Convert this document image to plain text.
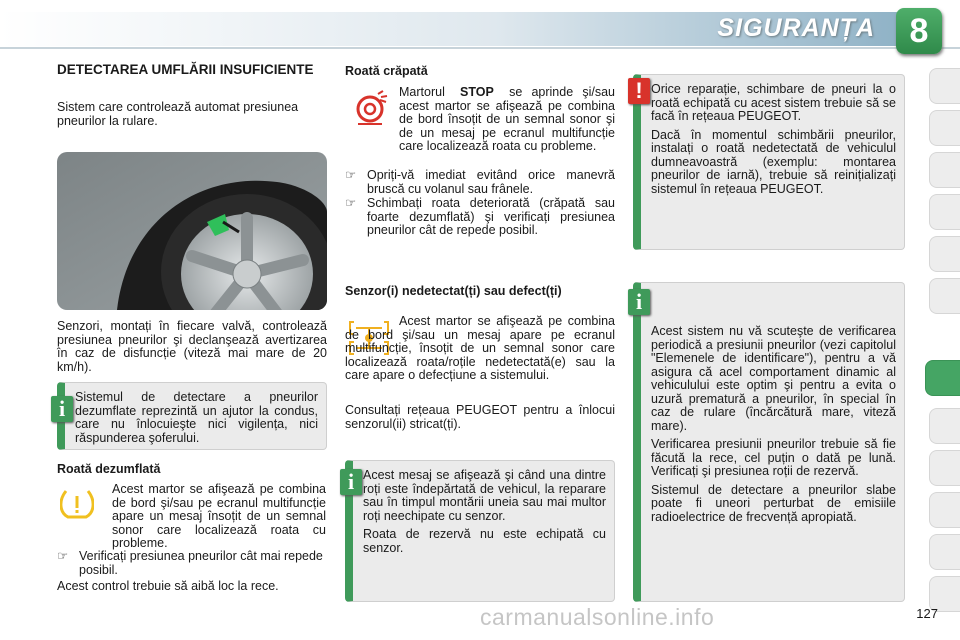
SIGURANȚA	8
DETECTAREA UMFLĂRII INSUFICIENTE
Sistem care controlează automat presiunea pneurilor la rulare.
Senzori, montați în fiecare valvă, controlează presiunea pneurilor şi declanşează avertizarea în caz de disfuncție (viteză mai mare de 20 km/h).

Sistemul de detectare a pneurilor dezumflate reprezintă un ajutor la condus, care nu înlocuieşte nici vigilența, nici răspunderea şoferului.

i
Roată dezumflată
Acest martor se afişează pe combina de bord şi/sau pe ecranul multifuncție apare un mesaj însoțit de un semnal sonor care localizează roata cu probleme.
☞ Verificați presiunea pneurilor cât mai repede posibil.
Acest control trebuie să aibă loc la rece.
Roată crăpată
Martorul STOP se aprinde şi/sau acest martor se afişează pe combina de bord însoțit de un semnal sonor şi de un mesaj pe ecranul multifuncție care localizează roata cu probleme.
☞ Opriți-vă imediat evitând orice manevră bruscă cu volanul sau frânele.
☞ Schimbați roata deteriorată (crăpată sau foarte dezumflată) şi verificați presiunea pneurilor cât de repede posibil.
Senzor(i) nedetectat(ți) sau defect(ți)
Acest martor se afişează pe combina de bord şi/sau un mesaj apare pe ecranul multifuncție, însoțit de un semnal sonor care localizează roata/roțile nedetectată(e) sau la care apare o defecțiune a sistemului.
Consultați rețeaua PEUGEOT pentru a înlocui senzorul(ii) stricat(ți).

Acest mesaj se afişează şi când una dintre roți este îndepărtată de vehicul, la reparare sau în timpul montării uneia sau mai multor roți neechipate cu senzor.

Roata de rezervă nu este echipată cu senzor.

i

Orice reparație, schimbare de pneuri la o roată echipată cu acest sistem trebuie să se facă în rețeaua PEUGEOT.

Dacă în momentul schimbării pneurilor, instalați o roată nedetectată de vehiculul dumneavoastră (exemplu: montarea pneurilor de iarnă), trebuie să reinițializați sistemul în rețeaua PEUGEOT.

!

Acest sistem nu vă scuteşte de verificarea periodică a presiunii pneurilor (vezi capitolul "Elemenele de identificare"), pentru a vă asigura că acel comportament dinamic al vehiculului este optim şi pentru a evita o uzură prematură a pneurilor, în special în caz de rulare (încărcătură mare, viteză mare).

Verificarea presiunii pneurilor trebuie să fie făcută la rece, cel puțin o dată pe lună. Verificați şi presiunea roții de rezervă.

Sistemul de detectare a pneurilor slabe poate fi uneori perturbat de emisiile radioelectrice de frecvență apropiată.

i
carmanualsonline.info	127
